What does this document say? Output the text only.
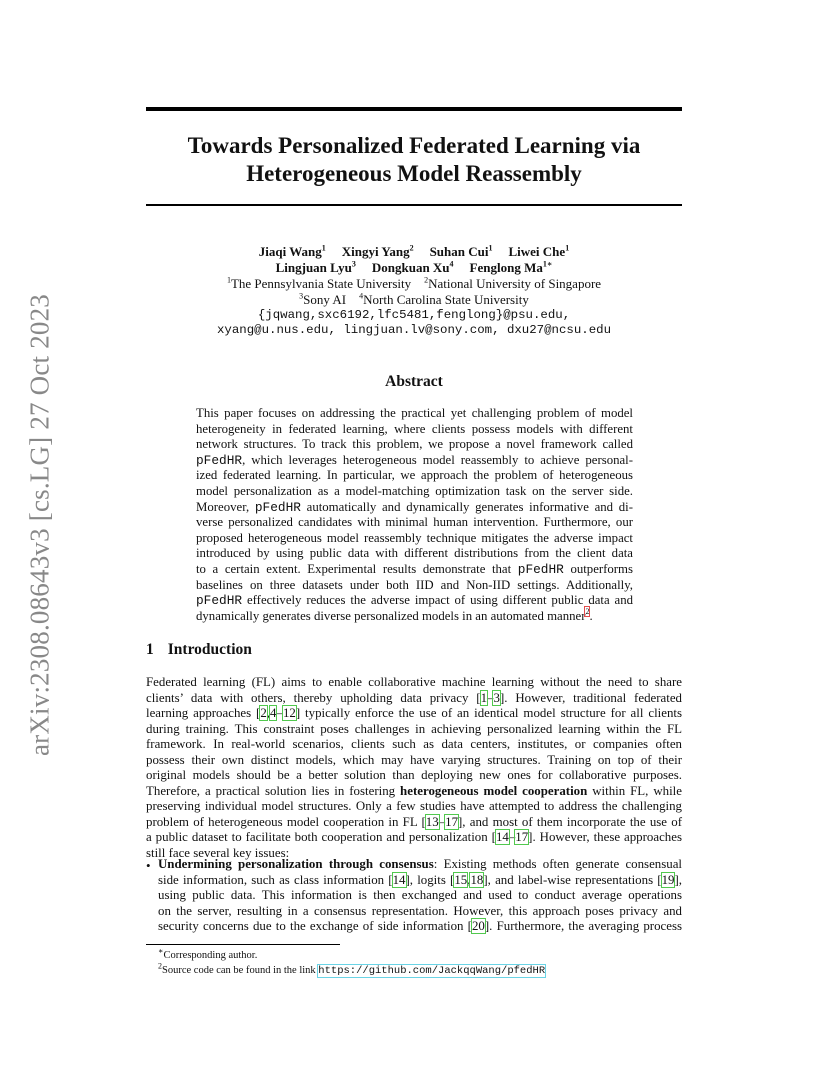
arXiv:2308.08643v3 [cs.LG] 27 Oct 2023
Towards Personalized Federated Learning via
Heterogeneous Model Reassembly
Jiaqi Wang$^1$ Xingyi Yang$^2$ Suhan Cui$^1$ Liwei Che$^1$
Lingjuan Lyu$^3$ Dongkuan Xu$^4$ Fenglong $Ma^{1∗}$
$^1$The Pennsylvania State University $^2$National University of Singapore
$^3$Sony AI $^4$North Carolina State University
{jqwang,sxc6192,lfc5481,fenglong}@psu.edu,
xyang@u.nus.edu, lingjuan.lv@sony.com, dxu27@ncsu.edu
Abstract
This paper focuses on addressing the practical yet challenging problem of model
heterogeneity in federated learning, where clients possess models with different
network structures. To track this problem, we propose a novel framework called
pFedHR, which leverages heterogeneous model reassembly to achieve personal-
ized federated learning. In particular, we approach the problem of heterogeneous
model personalization as a model-matching optimization task on the server side.
Moreover, pFedHR automatically and dynamically generates informative and di-
verse personalized candidates with minimal human intervention. Furthermore, our
proposed heterogeneous model reassembly technique mitigates the adverse impact
introduced by using public data with different distributions from the client data
to a certain extent. Experimental results demonstrate that pFedHR outperforms
baselines on three datasets under both IID and Non-IID settings. Additionally,
pFedHR effectively reduces the adverse impact of using different public data and
dynamically generates diverse personalized models in an automated manner$^2$.
1 Introduction
Federated learning (FL) aims to enable collaborative machine learning without the need to share
clients’ data with others, thereby upholding data privacy [1–3]. However, traditional federated
learning approaches [2,4–12] typically enforce the use of an identical model structure for all clients
during training. This constraint poses challenges in achieving personalized learning within the FL
framework. In real-world scenarios, clients such as data centers, institutes, or companies often
possess their own distinct models, which may have varying structures. Training on top of their
original models should be a better solution than deploying new ones for collaborative purposes.
Therefore, a practical solution lies in fostering heterogeneous model cooperation within FL, while
preserving individual model structures. Only a few studies have attempted to address the challenging
problem of heterogeneous model cooperation in FL [13–17], and most of them incorporate the use of
a public dataset to facilitate both cooperation and personalization [14–17]. However, these approaches
still face several key issues:
• Undermining personalization through consensus: Existing methods often generate consensual
side information, such as class information [14], logits [15,18], and label-wise representations [19],
using public data. This information is then exchanged and used to conduct average operations
on the server, resulting in a consensus representation. However, this approach poses privacy and
security concerns due to the exchange of side information [20]. Furthermore, the averaging process
∗Corresponding author.
$^2$Source code can be found in the link https://github.com/JackqqWang/pfedHR
